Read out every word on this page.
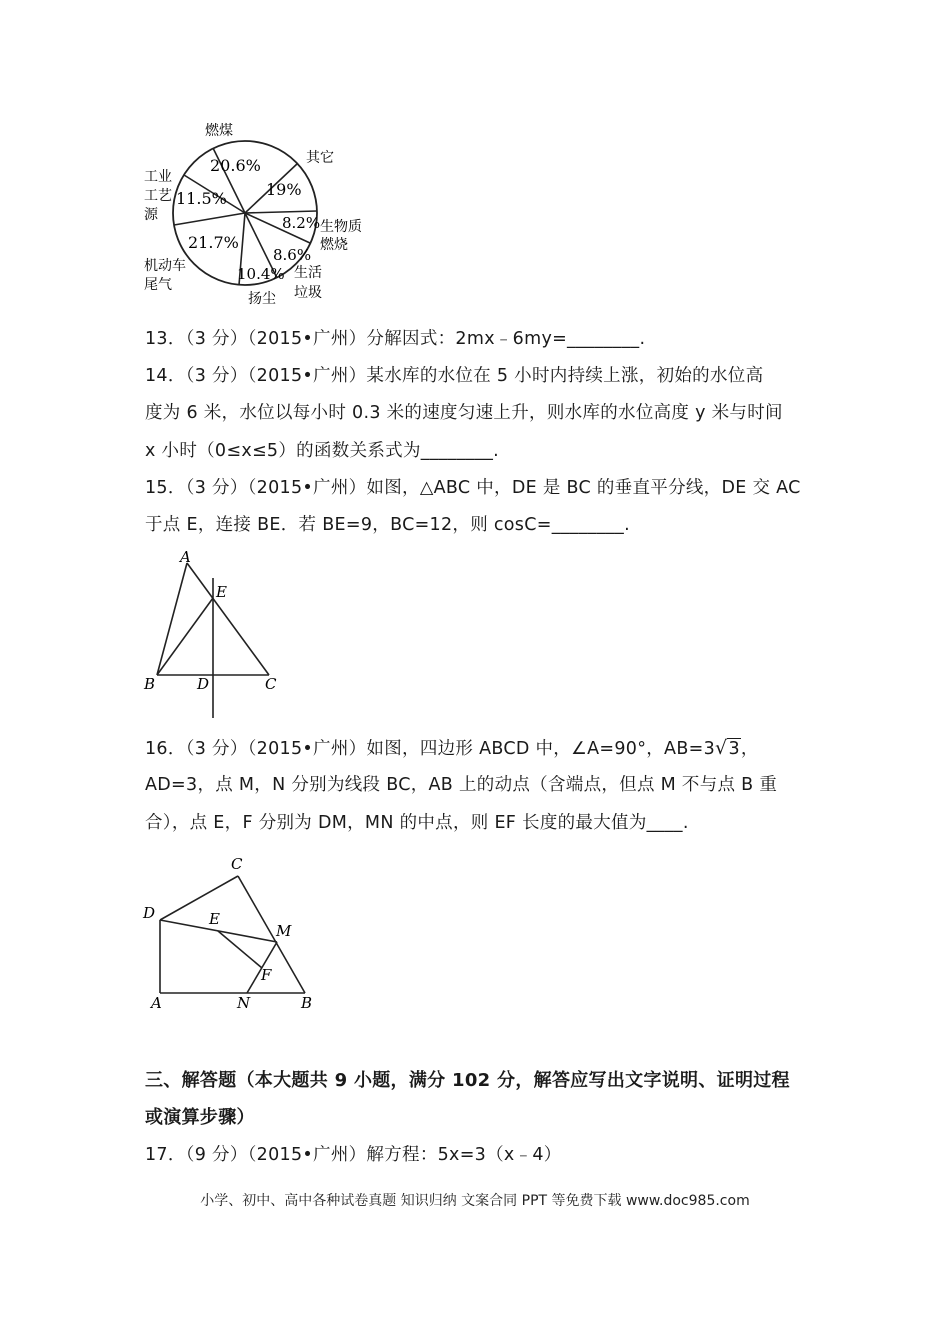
20.6%
19%
8.2%
8.6%
10.4%
21.7%
11.5%
燃煤
其它
生物质
燃烧
生活
垃圾
扬尘
机动车
尾气
工业
工艺
源
13．（3 分）（2015•广州）分解因式：2mx﹣6my=________.
14．（3 分）（2015•广州）某水库的水位在 5 小时内持续上涨，初始的水位高
度为 6 米，水位以每小时 0.3 米的速度匀速上升，则水库的水位高度 y 米与时间
x 小时（0≤x≤5）的函数关系式为________.
15．（3 分）（2015•广州）如图，△ABC 中，DE 是 BC 的垂直平分线，DE 交 AC
于点 E，连接 BE．若 BE=9，BC=12，则 cosC=________.
A
E
B	D	C
16．（3 分）（2015•广州）如图，四边形 ABCD 中，∠A=90°，AB=3√3，
AD=3，点 M，N 分别为线段 BC，AB 上的动点（含端点，但点 M 不与点 B 重
合），点 E，F 分别为 DM，MN 的中点，则 EF 长度的最大值为____.
C
D	E
M
F
A	N	B
三、解答题（本大题共 9 小题，满分 102 分，解答应写出文字说明、证明过程
或演算步骤）
17．（9 分）（2015•广州）解方程：5x=3（x﹣4）
小学、初中、高中各种试卷真题 知识归纳 文案合同 PPT 等免费下载 www.doc985.com
